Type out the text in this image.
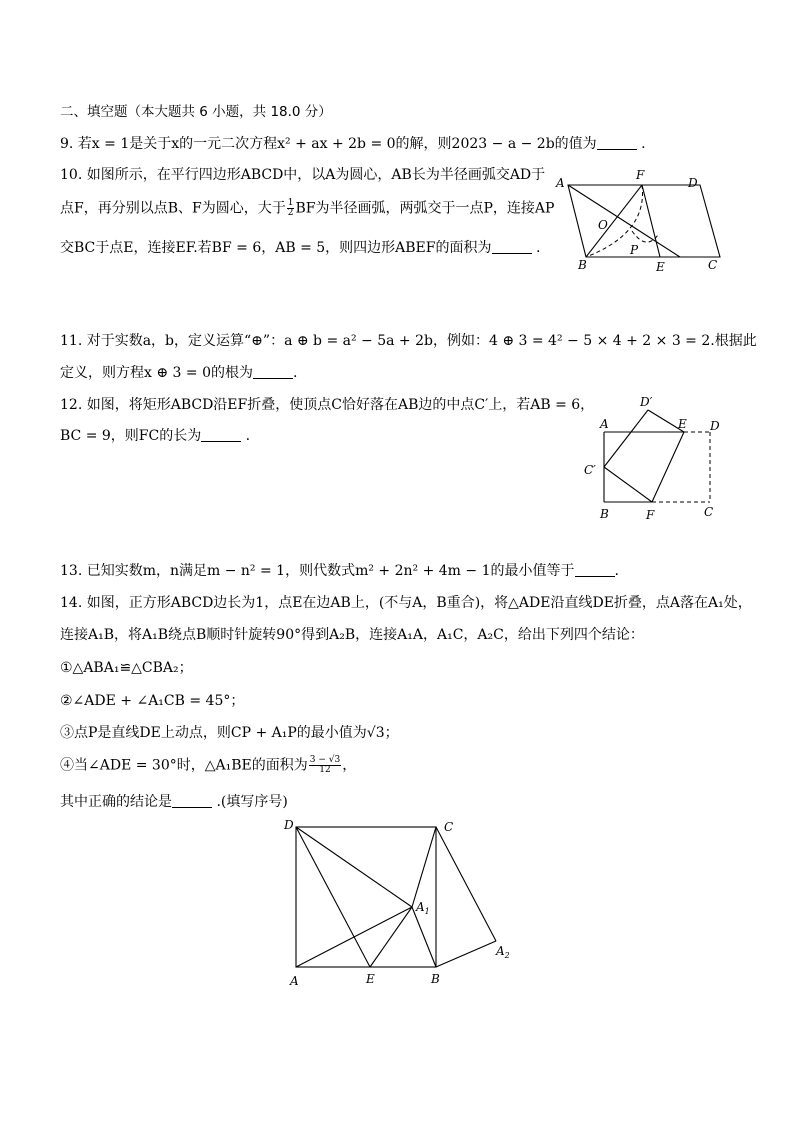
二、填空题（本大题共 6 小题，共 18.0 分）
9. 若x = 1是关于x的一元二次方程x² + ax + 2b = 0的解，则2023 − a − 2b的值为	.
10. 如图所示，在平行四边形ABCD中，以A为圆心，AB长为半径画弧交AD于
点F，再分别以点B、F为圆心，大于 $\frac{1}{2}$ BF为半径画弧，两弧交于一点P，连接AP
交BC于点E，连接EF.若BF = 6，AB = 5，则四边形ABEF的面积为	.
A
F
D
O
P
B	E	C
11. 对于实数a，b，定义运算“⊕”：a ⊕ b = a² − 5a + 2b，例如：4 ⊕ 3 = 4² − 5 × 4 + 2 × 3 = 2.根据此
定义，则方程x ⊕ 3 = 0的根为	.
12. 如图，将矩形ABCD沿EF折叠，使顶点C恰好落在AB边的中点C′上，若AB = 6，
BC = 9，则FC的长为	.
D′
A	E D
C′
B	F	C
13. 已知实数m，n满足m − n² = 1，则代数式m² + 2n² + 4m − 1的最小值等于	.
14. 如图，正方形ABCD边长为1，点E在边AB上，(不与A，B重合)，将△ADE沿直线DE折叠，点A落在A₁处，
连接A₁B，将A₁B绕点B顺时针旋转90°得到A₂B，连接A₁A，A₁C，A₂C，给出下列四个结论：
①△ABA₁≌△CBA₂；
②∠ADE + ∠A₁CB = 45°；
③点P是直线DE上动点，则CP + A₁P的最小值为√3；
④当∠ADE = 30°时，△A₁BE的面积为 $\frac{3 - √3}{12}$ ，
其中正确的结论是	.(填写序号)
D	C
$A_1$
$A_2$
A	E	B
